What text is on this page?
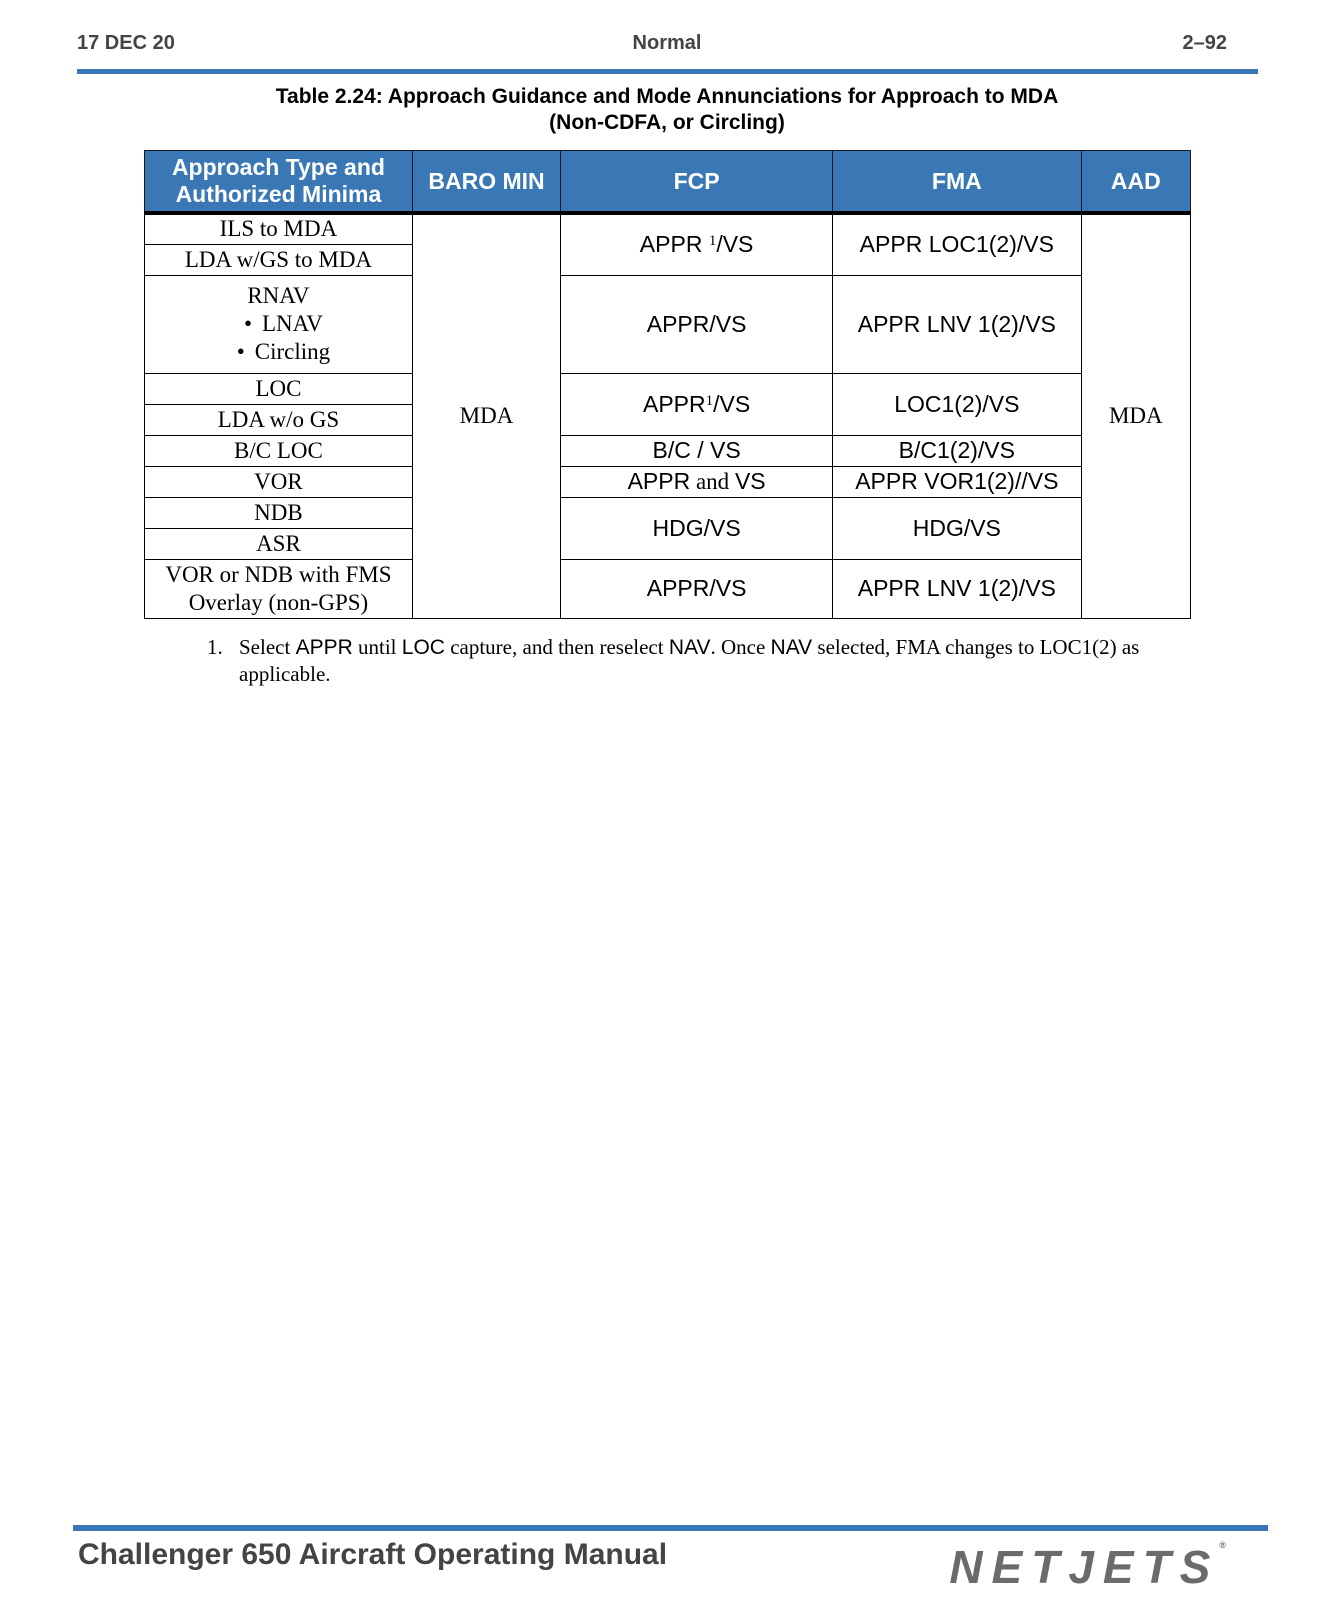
17 DEC 20	Normal	2–92
Table 2.24: Approach Guidance and Mode Annunciations for Approach to MDA
(Non-CDFA, or Circling)
Approach Type and Authorized Minima	BARO MIN	FCP	FMA	AAD
ILS to MDA	MDA	APPR $^1$/VS	APPR LOC1(2)/VS	MDA
LDA w/GS to MDA				

RNAV
• LNAV
• Circling		APPR/VS	APPR LNV 1(2)/VS	
LOC		APPR$^1$/VS	LOC1(2)/VS	
LDA w/o GS				
B/C LOC		B/C / VS	B/C1(2)/VS	
VOR		APPR and VS	APPR VOR1(2)//VS	
NDB		HDG/VS	HDG/VS	
ASR				
VOR or NDB with FMS Overlay (non-GPS)		APPR/VS	APPR LNV 1(2)/VS	
1. Select APPR until LOC capture, and then reselect NAV. Once NAV selected, FMA changes to LOC1(2) as applicable.
Challenger 650 Aircraft Operating Manual	NETJETS®
